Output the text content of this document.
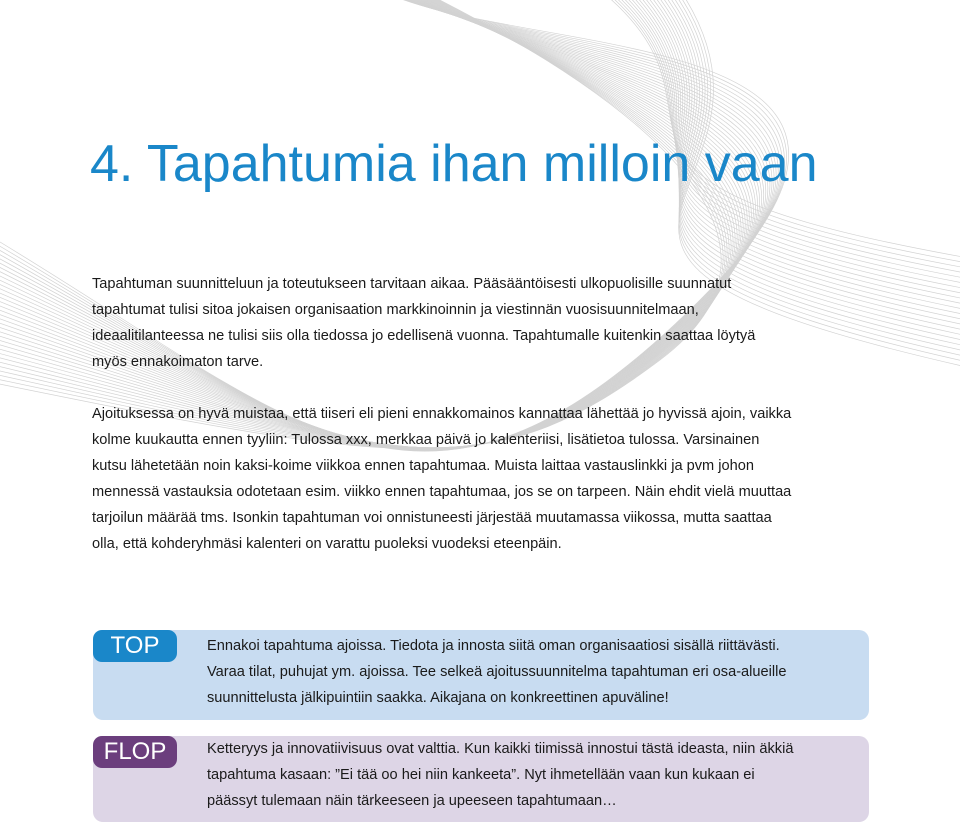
4. Tapahtumia ihan milloin vaan

Tapahtuman suunnitteluun ja toteutukseen tarvitaan aikaa. Pääsääntöisesti ulkopuolisille suunnatut
tapahtumat tulisi sitoa jokaisen organisaation markkinoinnin ja viestinnän vuosisuunnitelmaan,
ideaalitilanteessa ne tulisi siis olla tiedossa jo edellisenä vuonna. Tapahtumalle kuitenkin saattaa löytyä
myös ennakoimaton tarve.

Ajoituksessa on hyvä muistaa, että tiiseri eli pieni ennakkomainos kannattaa lähettää jo hyvissä ajoin, vaikka
kolme kuukautta ennen tyyliin: Tulossa xxx, merkkaa päivä jo kalenteriisi, lisätietoa tulossa. Varsinainen
kutsu lähetetään noin kaksi-koime viikkoa ennen tapahtumaa. Muista laittaa vastauslinkki ja pvm johon
mennessä vastauksia odotetaan esim. viikko ennen tapahtumaa, jos se on tarpeen. Näin ehdit vielä muuttaa
tarjoilun määrää tms. Isonkin tapahtuman voi onnistuneesti järjestää muutamassa viikossa, mutta saattaa
olla, että kohderyhmäsi kalenteri on varattu puoleksi vuodeksi eteenpäin.

TOP	Ennakoi tapahtuma ajoissa. Tiedota ja innosta siitä oman organisaatiosi sisällä riittävästi.
Varaa tilat, puhujat ym. ajoissa. Tee selkeä ajoitussuunnitelma tapahtuman eri osa-alueille
suunnittelusta jälkipuintiin saakka. Aikajana on konkreettinen apuväline!
FLOP	Ketteryys ja innovatiivisuus ovat valttia. Kun kaikki tiimissä innostui tästä ideasta, niin äkkiä
tapahtuma kasaan: ”Ei tää oo hei niin kankeeta”. Nyt ihmetellään vaan kun kukaan ei
päässyt tulemaan näin tärkeeseen ja upeeseen tapahtumaan…
